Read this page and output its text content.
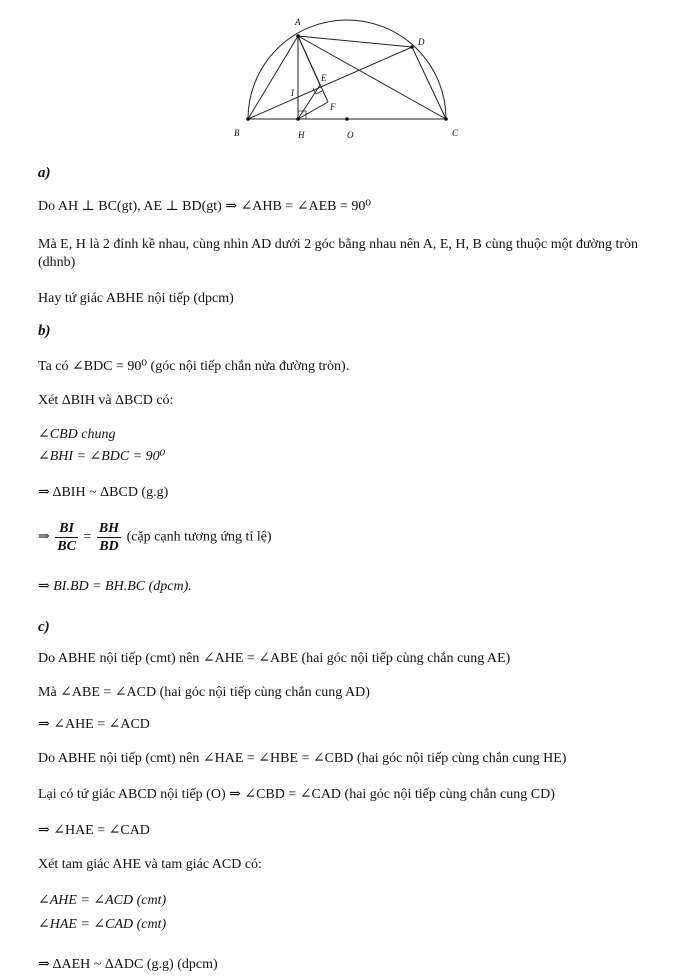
A
D
E
I
F
B	H	O	C
a)
Do AH ⊥ BC(gt), AE ⊥ BD(gt) ⇒ ∠AHB = ∠AEB = 90⁰
Mà E, H là 2 đỉnh kề nhau, cùng nhìn AD dưới 2 góc bằng nhau nên A, E, H, B cùng thuộc một đường tròn (dhnb)
Hay tứ giác ABHE nội tiếp (dpcm)
b)
Ta có ∠BDC = 90⁰ (góc nội tiếp chắn nửa đường tròn).
Xét ΔBIH và ΔBCD có:
∠CBD chung
∠BHI = ∠BDC = 90⁰
⇒ ΔBIH ~ ΔBCD (g.g)
⇒ $\frac{BI}{BC} = \frac{BH}{BD}$ (cặp cạnh tương ứng tỉ lệ)
⇒ BI.BD = BH.BC (dpcm).
c)
Do ABHE nội tiếp (cmt) nên ∠AHE = ∠ABE (hai góc nội tiếp cùng chắn cung AE)
Mà ∠ABE = ∠ACD (hai góc nội tiếp cùng chắn cung AD)
⇒ ∠AHE = ∠ACD
Do ABHE nội tiếp (cmt) nên ∠HAE = ∠HBE = ∠CBD (hai góc nội tiếp cùng chắn cung HE)
Lại có tứ giác ABCD nội tiếp (O) ⇒ ∠CBD = ∠CAD (hai góc nội tiếp cùng chắn cung CD)
⇒ ∠HAE = ∠CAD
Xét tam giác AHE và tam giác ACD có:
∠AHE = ∠ACD (cmt)
∠HAE = ∠CAD (cmt)
⇒ ΔAEH ~ ΔADC (g.g) (dpcm)
